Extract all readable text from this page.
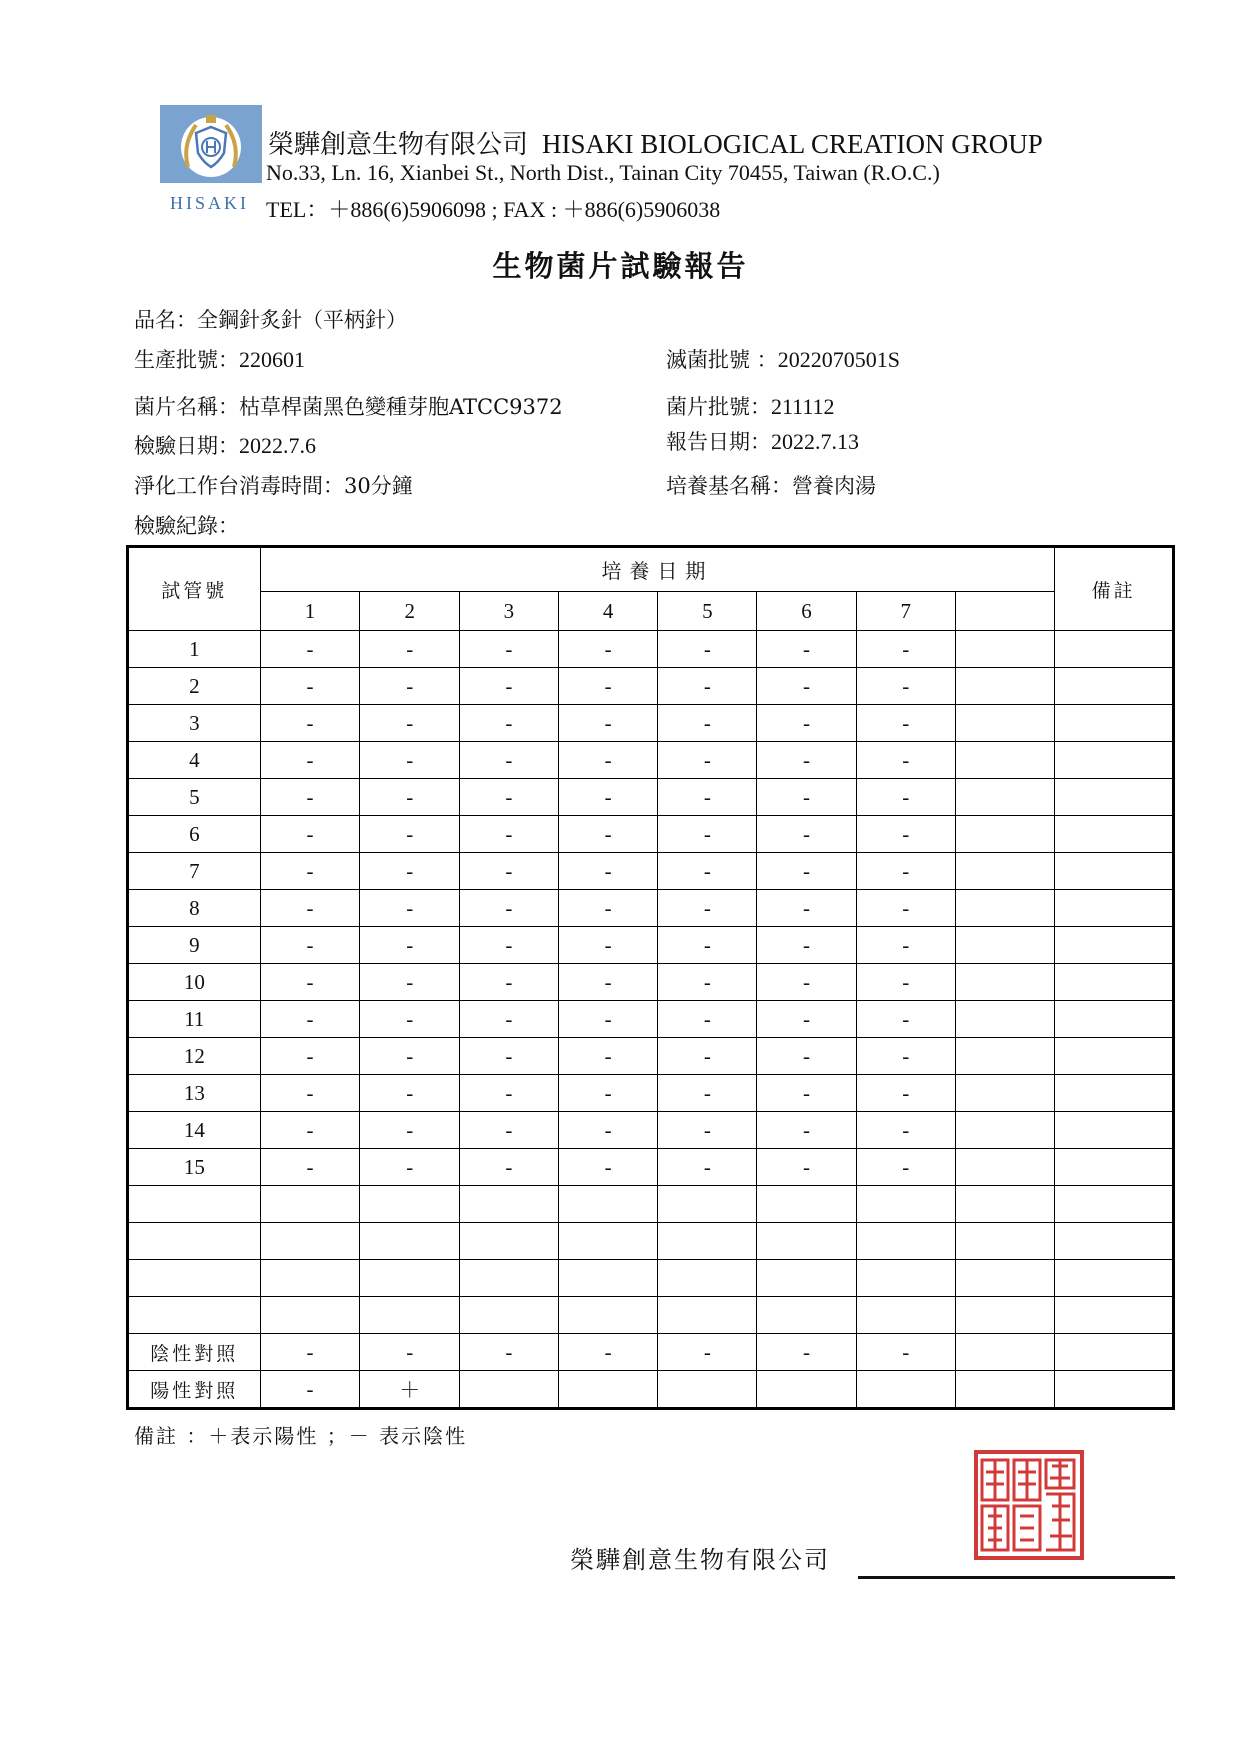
HISAKI
榮驊創意生物有限公司 HISAKI BIOLOGICAL CREATION GROUP
No.33, Ln. 16, Xianbei St., North Dist., Tainan City 70455, Taiwan (R.O.C.)
TEL：＋886(6)5906098 ; FAX : ＋886(6)5906038
生物菌片試驗報告
品名：全鋼針炙針（平柄針）
生產批號：220601	滅菌批號 ：2022070501S
菌片名稱：枯草桿菌黑色變種芽胞ATCC9372	菌片批號：211112
檢驗日期：2022.7.6	報告日期：2022.7.13
淨化工作台消毒時間：30分鐘	培養基名稱：營養肉湯
檢驗紀錄：
試管號	培養日期								備註
	1	2	3	4	5	6	7		
1	-	-	-	-	-	-	-		
2	-	-	-	-	-	-	-		
3	-	-	-	-	-	-	-		
4	-	-	-	-	-	-	-		
5	-	-	-	-	-	-	-		
6	-	-	-	-	-	-	-		
7	-	-	-	-	-	-	-		
8	-	-	-	-	-	-	-		
9	-	-	-	-	-	-	-		
10	-	-	-	-	-	-	-		
11	-	-	-	-	-	-	-		
12	-	-	-	-	-	-	-		
13	-	-	-	-	-	-	-		
14	-	-	-	-	-	-	-		
15	-	-	-	-	-	-	-		

陰性對照	-	-	-	-	-	-	-		
陽性對照	-	＋							
備註 ：＋表示陽性 ；－ 表示陰性
榮驊創意生物有限公司
